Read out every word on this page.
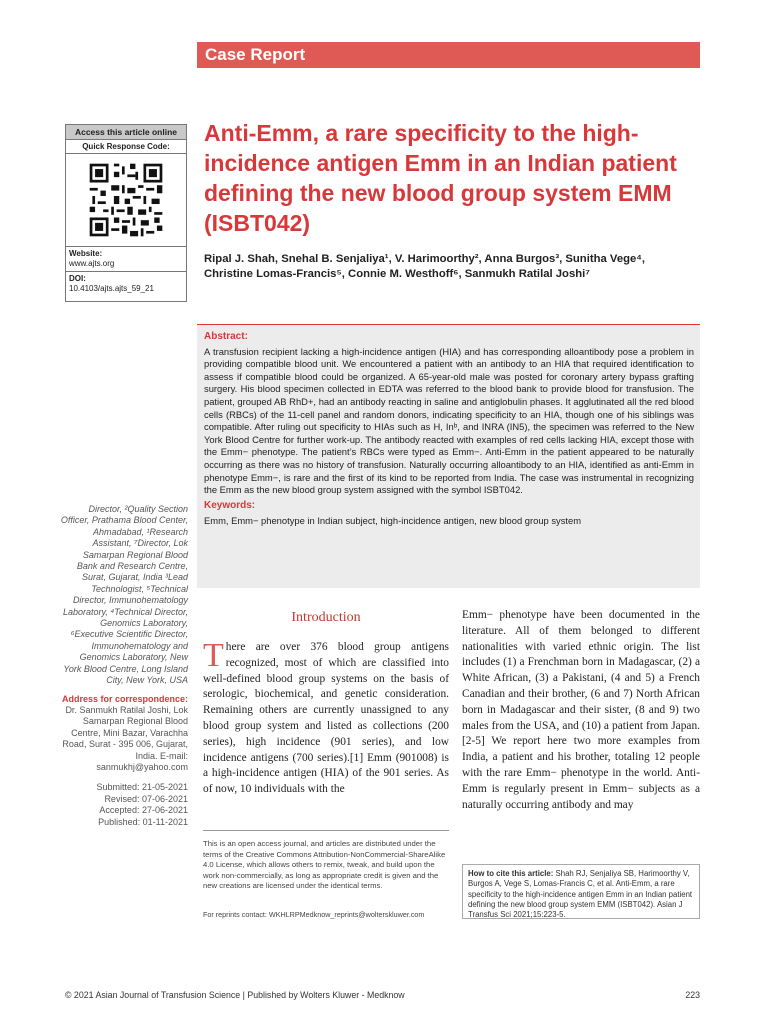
Case Report
Access this article online
Quick Response Code:
Website:
www.ajts.org
DOI:
10.4103/ajts.ajts_59_21
Anti-Emm, a rare specificity to the high-incidence antigen Emm in an Indian patient defining the new blood group system EMM (ISBT042)
Ripal J. Shah, Snehal B. Senjaliya¹, V. Harimoorthy², Anna Burgos³, Sunitha Vege⁴,
Christine Lomas-Francis⁵, Connie M. Westhoff⁶, Sanmukh Ratilal Joshi⁷
Abstract:

A transfusion recipient lacking a high-incidence antigen (HIA) and has corresponding alloantibody pose a problem in providing compatible blood unit. We encountered a patient with an antibody to an HIA that required identification to assess if compatible blood could be organized. A 65-year-old male was posted for coronary artery bypass grafting surgery. His blood specimen collected in EDTA was referred to the blood bank to provide blood for transfusion. The patient, grouped AB RhD+, had an antibody reacting in saline and antiglobulin phases. It agglutinated all the red blood cells (RBCs) of the 11-cell panel and random donors, indicating specificity to an HIA, though one of his siblings was compatible. After ruling out specificity to HIAs such as H, Inᵇ, and INRA (IN5), the specimen was referred to the New York Blood Centre for further work-up. The antibody reacted with examples of red cells lacking HIA, except those with the Emm− phenotype. The patient’s RBCs were typed as Emm−. Anti-Emm in the patient appeared to be naturally occurring as there was no history of transfusion. Naturally occurring alloantibody to an HIA, identified as anti-Emm in phenotype Emm−, is rare and the first of its kind to be reported from India. The case was instrumental in recognizing the Emm as the new blood group system assigned with the symbol ISBT042.

Keywords:

Emm, Emm− phenotype in Indian subject, high-incidence antigen, new blood group system

Director, ²Quality Section Officer, Prathama Blood Center, Ahmadabad, ¹Research Assistant, ⁷Director, Lok Samarpan Regional Blood Bank and Research Centre, Surat, Gujarat, India ³Lead Technologist, ⁵Technical Director, Immunohematology Laboratory, ⁴Technical Director, Genomics Laboratory, ⁶Executive Scientific Director, Immunohematology and Genomics Laboratory, New York Blood Centre, Long Island City, New York, USA
Address for correspondence:
Dr. Sanmukh Ratilal Joshi, Lok Samarpan Regional Blood Centre, Mini Bazar, Varachha Road, Surat - 395 006, Gujarat, India. E-mail: sanmukhj@yahoo.com
Submitted: 21-05-2021
Revised: 07-06-2021
Accepted: 27-06-2021
Published: 01-11-2021
Introduction
T here are over 376 blood group antigens recognized, most of which are classified into well-defined blood group systems on the basis of serologic, biochemical, and genetic consideration. Remaining others are currently unassigned to any blood group system and listed as collections (200 series), high incidence (901 series), and low incidence antigens (700 series).[1] Emm (901008) is a high-incidence antigen (HIA) of the 901 series. As of now, 10 individuals with the
Emm− phenotype have been documented in the literature. All of them belonged to different nationalities with varied ethnic origin. The list includes (1) a Frenchman born in Madagascar, (2) a White African, (3) a Pakistani, (4 and 5) a French Canadian and their brother, (6 and 7) North African born in Madagascar and their sister, (8 and 9) two males from the USA, and (10) a patient from Japan.[2-5] We report here two more examples from India, a patient and his brother, totaling 12 people with the rare Emm− phenotype in the world. Anti-Emm is regularly present in Emm− subjects as a naturally occurring antibody and may
This is an open access journal, and articles are distributed under the terms of the Creative Commons Attribution-NonCommercial-ShareAlike 4.0 License, which allows others to remix, tweak, and build upon the work non-commercially, as long as appropriate credit is given and the new creations are licensed under the identical terms.
For reprints contact: WKHLRPMedknow_reprints@wolterskluwer.com
How to cite this article: Shah RJ, Senjaliya SB, Harimoorthy V, Burgos A, Vege S, Lomas-Francis C, et al. Anti-Emm, a rare specificity to the high-incidence antigen Emm in an Indian patient defining the new blood group system EMM (ISBT042). Asian J Transfus Sci 2021;15:223-5.
© 2021 Asian Journal of Transfusion Science | Published by Wolters Kluwer - Medknow	223
